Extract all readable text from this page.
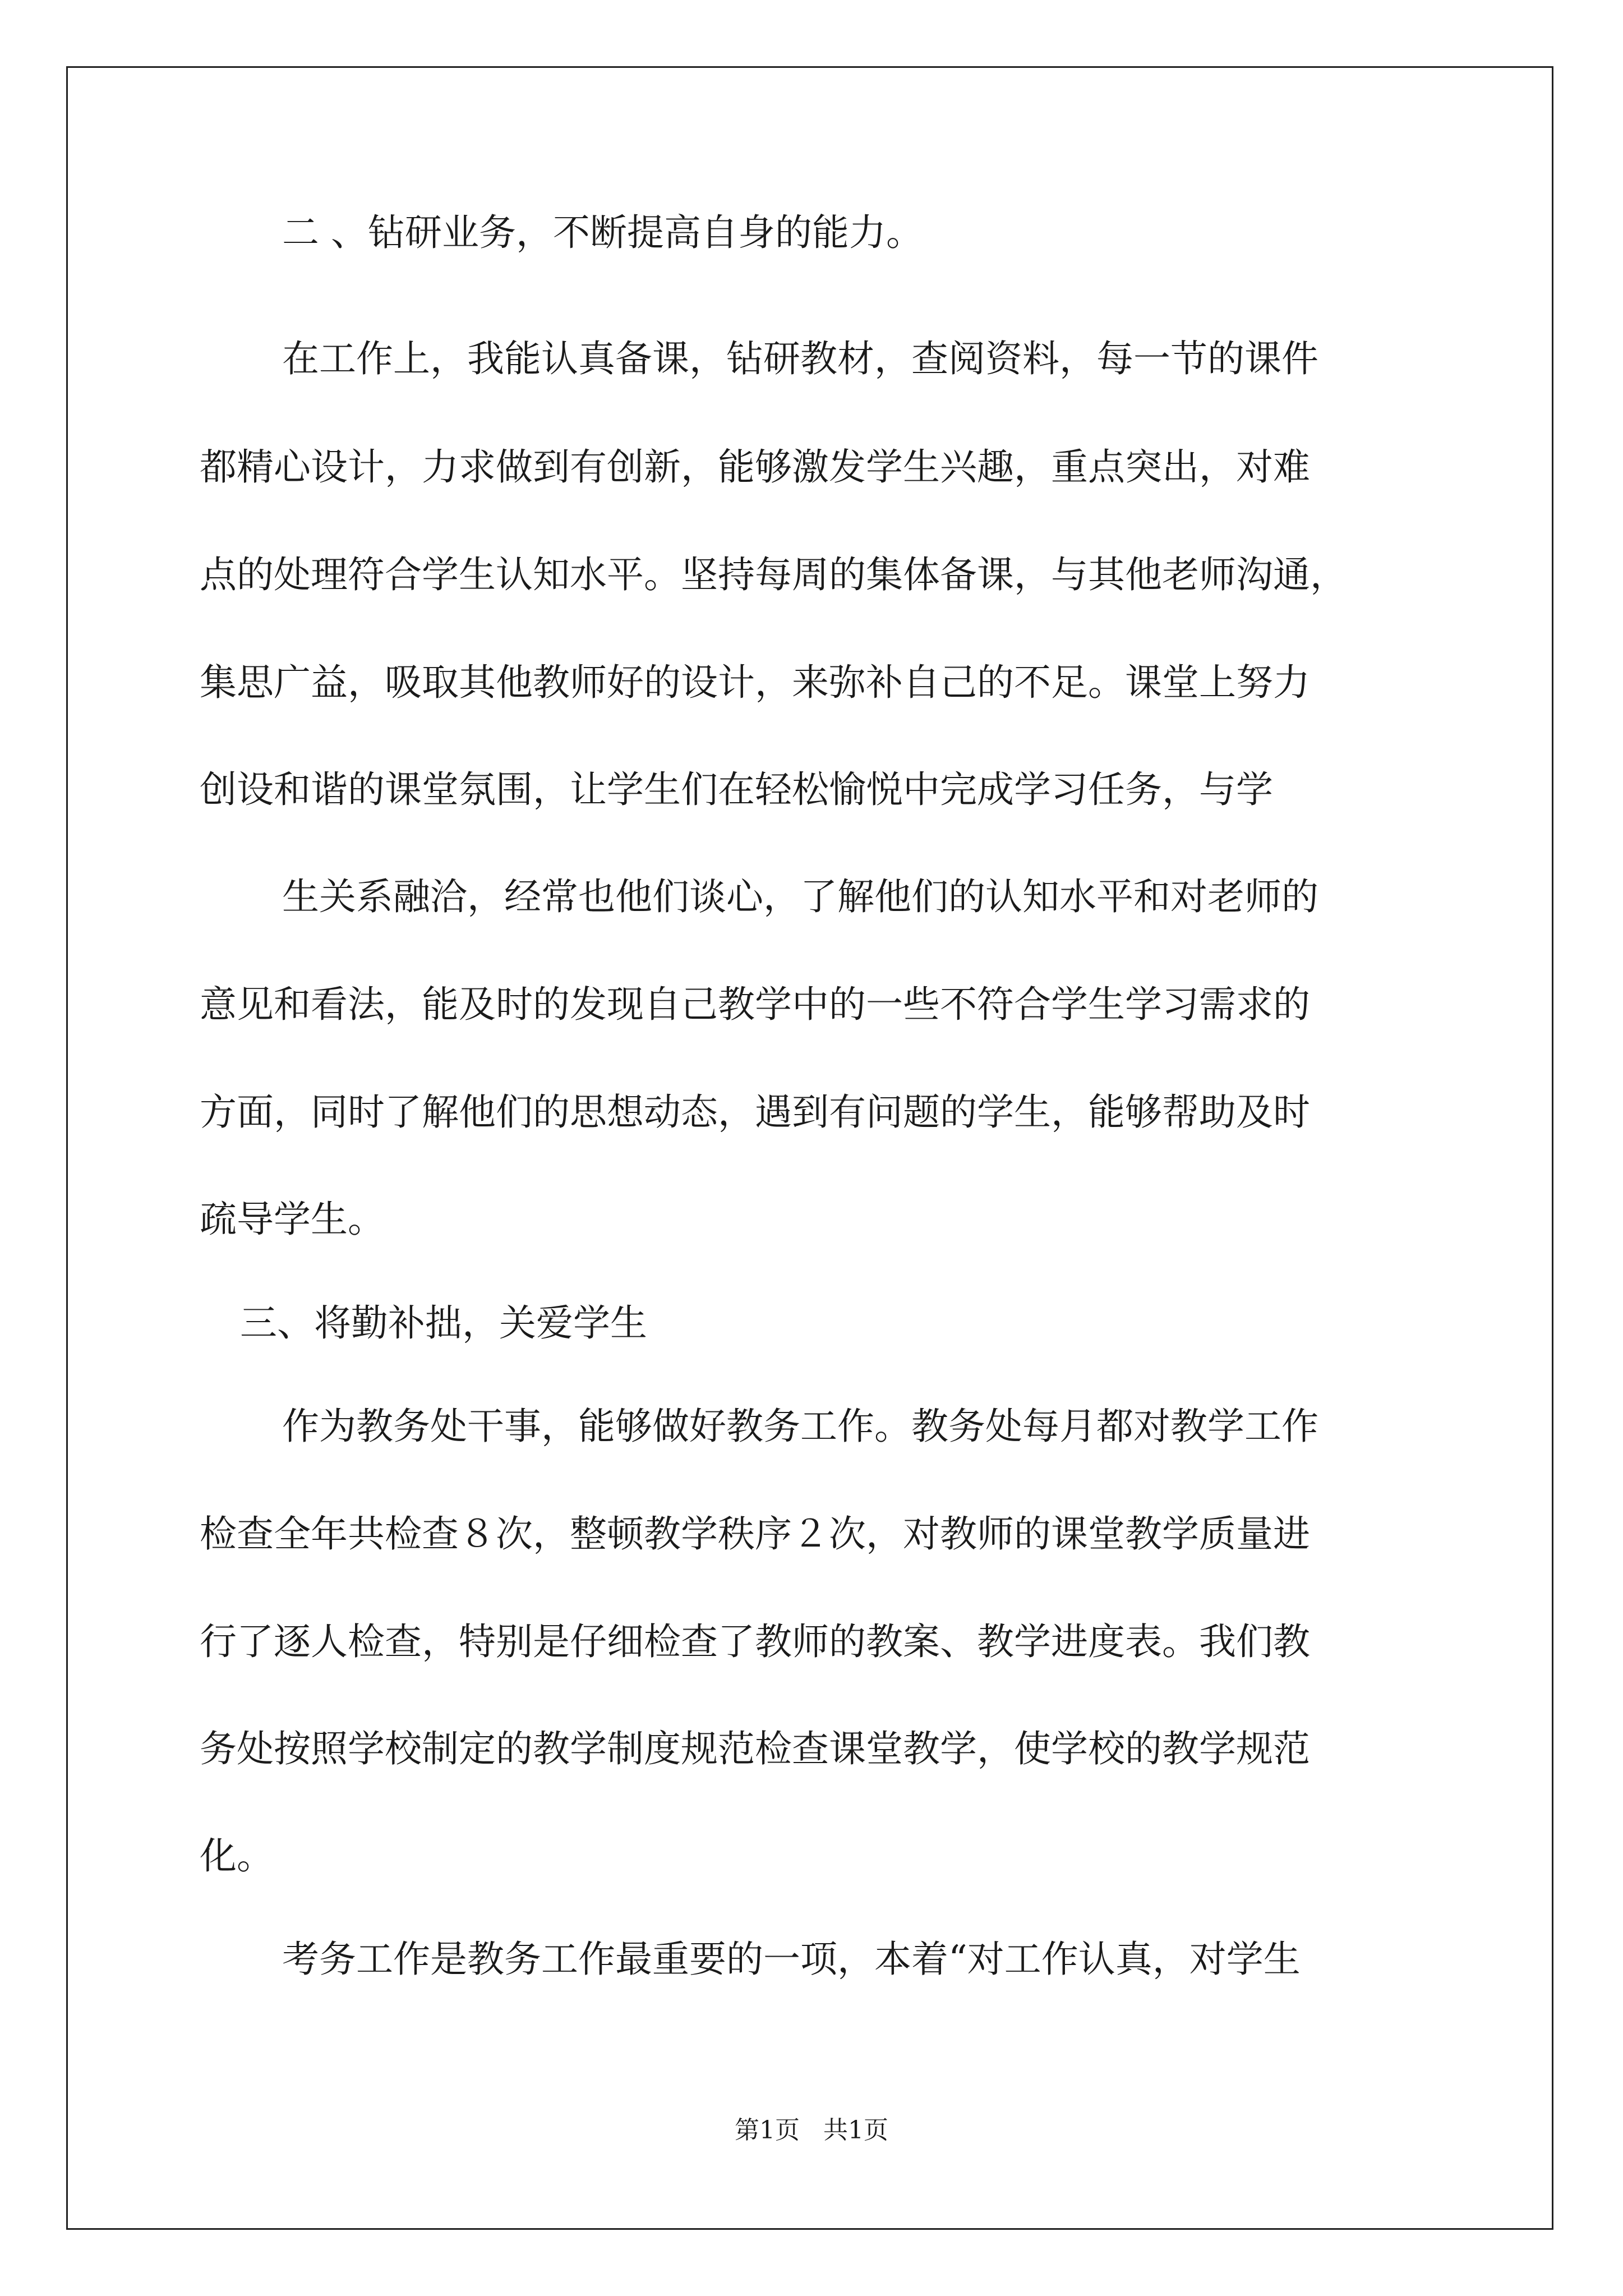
二 、钻研业务，不断提高自身的能力。
在工作上，我能认真备课，钻研教材，查阅资料，每一节的课件
都精心设计，力求做到有创新，能够激发学生兴趣，重点突出，对难
点的处理符合学生认知水平。坚持每周的集体备课，与其他老师沟通，
集思广益，吸取其他教师好的设计，来弥补自己的不足。课堂上努力
创设和谐的课堂氛围，让学生们在轻松愉悦中完成学习任务，与学
生关系融洽，经常也他们谈心，了解他们的认知水平和对老师的
意见和看法，能及时的发现自己教学中的一些不符合学生学习需求的
方面，同时了解他们的思想动态，遇到有问题的学生，能够帮助及时
疏导学生。
三、将勤补拙，关爱学生
作为教务处干事，能够做好教务工作。教务处每月都对教学工作
检查全年共检查８次，整顿教学秩序２次，对教师的课堂教学质量进
行了逐人检查，特别是仔细检查了教师的教案、教学进度表。我们教
务处按照学校制定的教学制度规范检查课堂教学，使学校的教学规范
化。
考务工作是教务工作最重要的一项，本着“对工作认真，对学生
第1页   共1页
